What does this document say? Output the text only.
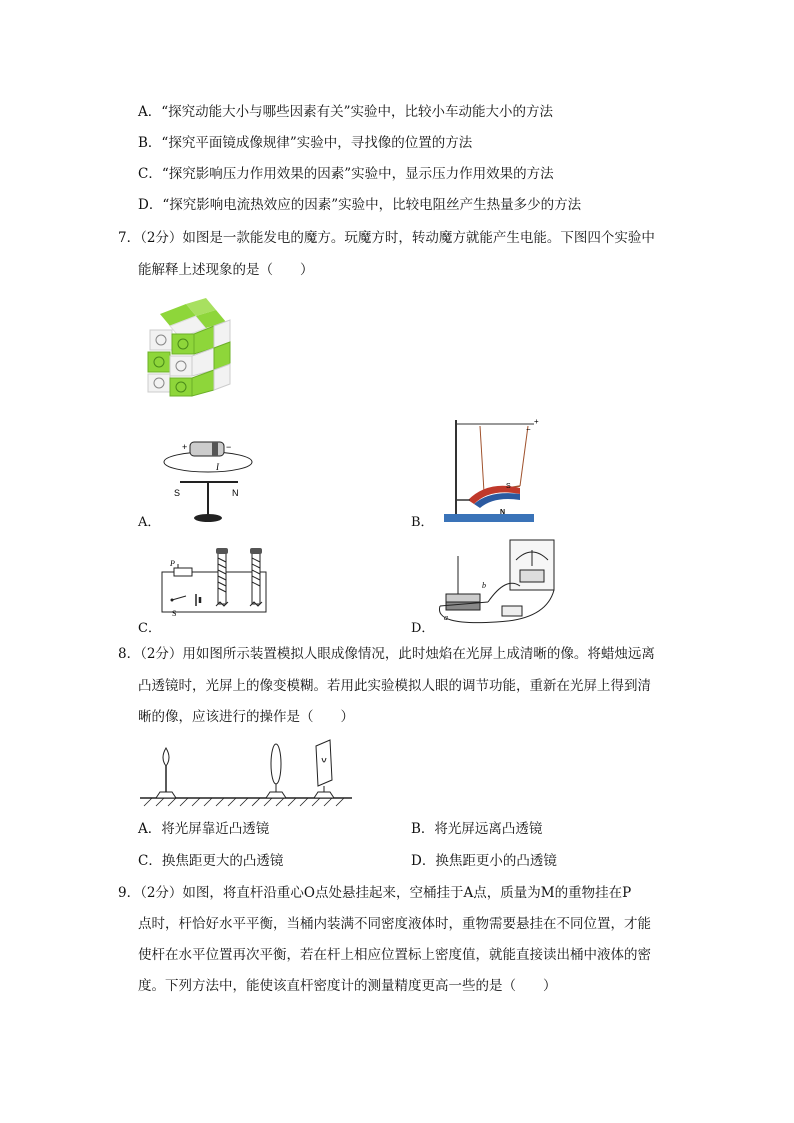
A．“探究动能大小与哪些因素有关”实验中，比较小车动能大小的方法
B．“探究平面镜成像规律”实验中，寻找像的位置的方法
C．“探究影响压力作用效果的因素”实验中，显示压力作用效果的方法
D．“探究影响电流热效应的因素”实验中，比较电阻丝产生热量多少的方法
7．（2分）如图是一款能发电的魔方。玩魔方时，转动魔方就能产生电能。下图四个实验中
能解释上述现象的是（　　）
+	−
I
S	N
A．
+
−
S
N
B．
P
S
C．
b
a
D．
8．（2分）用如图所示装置模拟人眼成像情况，此时烛焰在光屏上成清晰的像。将蜡烛远离
凸透镜时，光屏上的像变模糊。若用此实验模拟人眼的调节功能，重新在光屏上得到清
晰的像，应该进行的操作是（　　）
A．将光屏靠近凸透镜	B．将光屏远离凸透镜
C．换焦距更大的凸透镜	D．换焦距更小的凸透镜
9．（2分）如图，将直杆沿重心O点处悬挂起来，空桶挂于A点，质量为M的重物挂在P
点时，杆恰好水平平衡，当桶内装满不同密度液体时，重物需要悬挂在不同位置，才能
使杆在水平位置再次平衡，若在杆上相应位置标上密度值，就能直接读出桶中液体的密
度。下列方法中，能使该直杆密度计的测量精度更高一些的是（　　）
